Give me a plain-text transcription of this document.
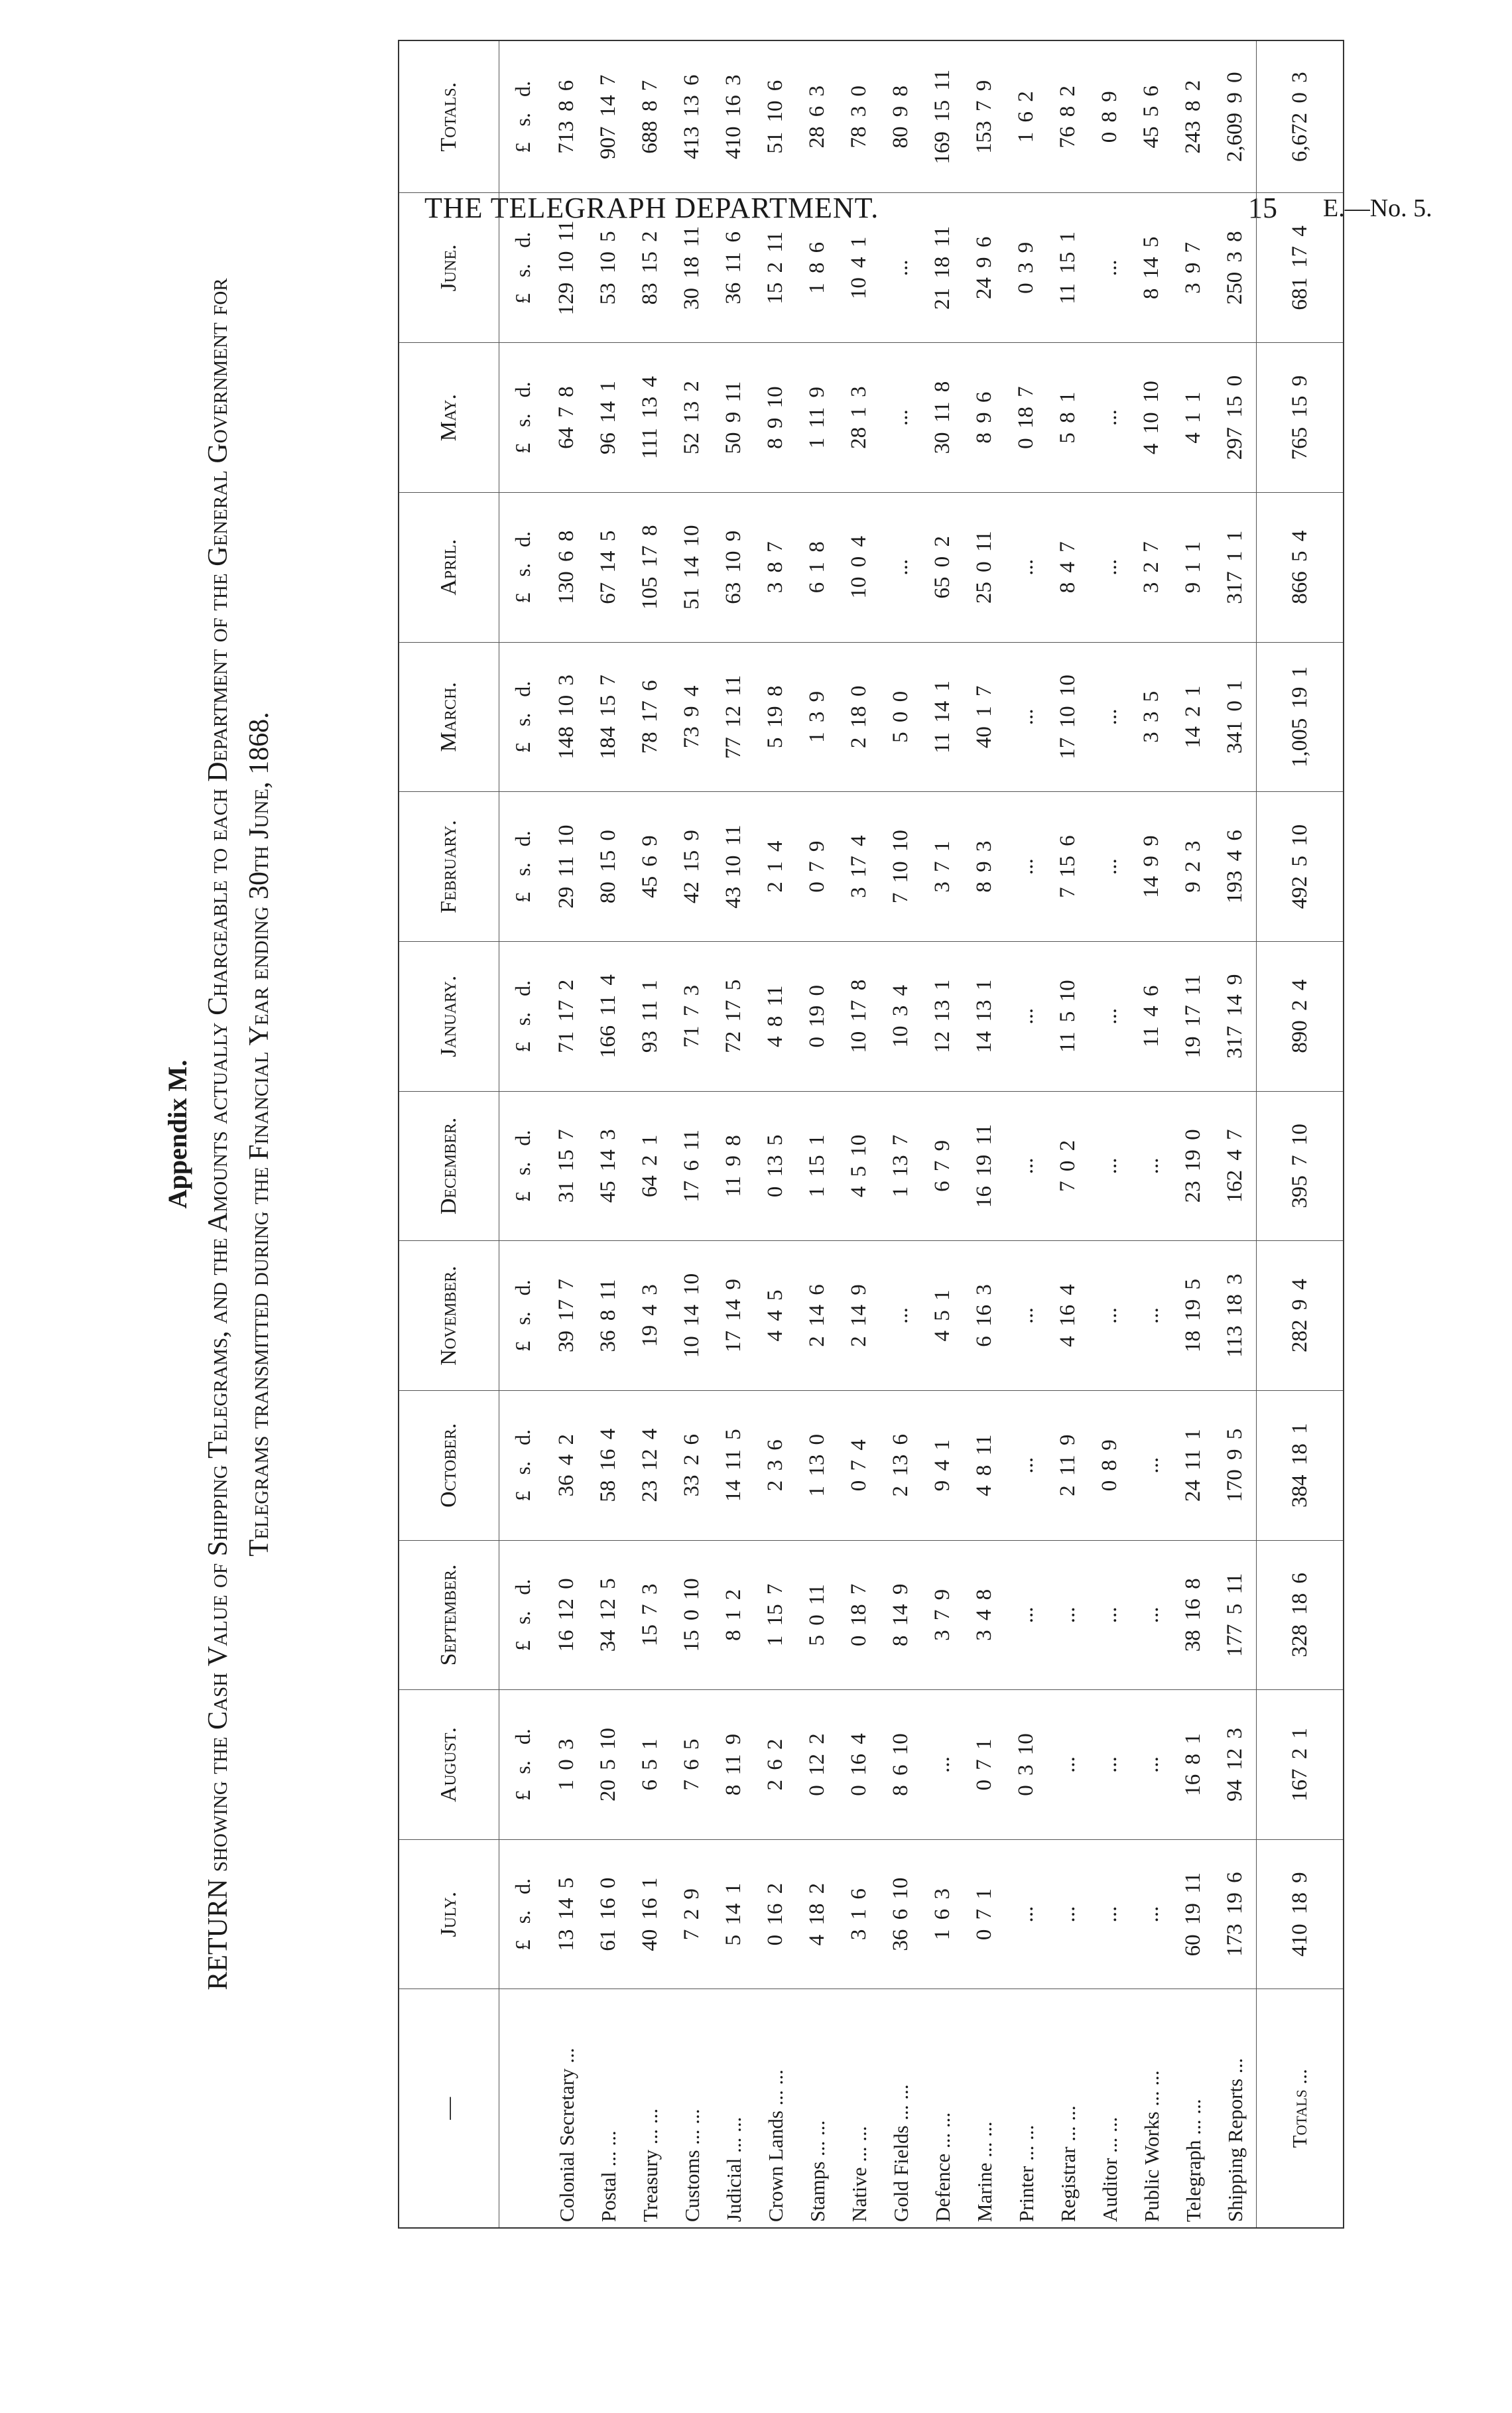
THE TELEGRAPH DEPARTMENT.	15 E.—No. 5.
Appendix M. RETURN showing the Cash Value of Shipping Telegrams, and the Amounts actually Chargeable to each Department of the General Government for Telegrams transmitted during the Financial Year ending 30th June, 1868.
—	July.	August.	September.	October.	November.	December.	January.	February.	March.	April.	May.	June.	Totals.
	£ s. d.	£ s. d.	£ s. d.	£ s. d.	£ s. d.	£ s. d.	£ s. d.	£ s. d.	£ s. d.	£ s. d.	£ s. d.	£ s. d.	£ s. d.
Colonial Secretary ...	13 14 5	1 0 3	16 12 0	36 4 2	39 17 7	31 15 7	71 17 2	29 11 10	148 10 3	130 6 8	64 7 8	129 10 11	713 8 6
Postal ... ...	61 16 0	20 5 10	34 12 5	58 16 4	36 8 11	45 14 3	166 11 4	80 15 0	184 15 7	67 14 5	96 14 1	53 10 5	907 14 7
Treasury ... ...	40 16 1	6 5 1	15 7 3	23 12 4	19 4 3	64 2 1	93 11 1	45 6 9	78 17 6	105 17 8	111 13 4	83 15 2	688 8 7
Customs ... ...	7 2 9	7 6 5	15 0 10	33 2 6	10 14 10	17 6 11	71 7 3	42 15 9	73 9 4	51 14 10	52 13 2	30 18 11	413 13 6
Judicial ... ...	5 14 1	8 11 9	8 1 2	14 11 5	17 14 9	11 9 8	72 17 5	43 10 11	77 12 11	63 10 9	50 9 11	36 11 6	410 16 3
Crown Lands ... ...	0 16 2	2 6 2	1 15 7	2 3 6	4 4 5	0 13 5	4 8 11	2 1 4	5 19 8	3 8 7	8 9 10	15 2 11	51 10 6
Stamps ... ...	4 18 2	0 12 2	5 0 11	1 13 0	2 14 6	1 15 1	0 19 0	0 7 9	1 3 9	6 1 8	1 11 9	1 8 6	28 6 3
Native ... ...	3 1 6	0 16 4	0 18 7	0 7 4	2 14 9	4 5 10	10 17 8	3 17 4	2 18 0	10 0 4	28 1 3	10 4 1	78 3 0
Gold Fields ... ...	36 6 10	8 6 10	8 14 9	2 13 6	...	1 13 7	10 3 4	7 10 10	5 0 0	...	...	...	80 9 8
Defence ... ...	1 6 3	...	3 7 9	9 4 1	4 5 1	6 7 9	12 13 1	3 7 1	11 14 1	65 0 2	30 11 8	21 18 11	169 15 11
Marine ... ...	0 7 1	0 7 1	3 4 8	4 8 11	6 16 3	16 19 11	14 13 1	8 9 3	40 1 7	25 0 11	8 9 6	24 9 6	153 7 9
Printer ... ...	...	0 3 10	...	...	...	...	...	...	...	...	0 18 7	0 3 9	1 6 2
Registrar ... ...	...	...	...	2 11 9	4 16 4	7 0 2	11 5 10	7 15 6	17 10 10	8 4 7	5 8 1	11 15 1	76 8 2
Auditor ... ...	...	...	...	0 8 9	...	...	...	...	...	...	...	...	0 8 9
Public Works ... ...	...	...	...	...	...	...	11 4 6	14 9 9	3 3 5	3 2 7	4 10 10	8 14 5	45 5 6
Telegraph ... ...	60 19 11	16 8 1	38 16 8	24 11 1	18 19 5	23 19 0	19 17 11	9 2 3	14 2 1	9 1 1	4 1 1	3 9 7	243 8 2
Shipping Reports ...	173 19 6	94 12 3	177 5 11	170 9 5	113 18 3	162 4 7	317 14 9	193 4 6	341 0 1	317 1 1	297 15 0	250 3 8	2,609 9 0
Totals ...	410 18 9	167 2 1	328 18 6	384 18 1	282 9 4	395 7 10	890 2 4	492 5 10	1,005 19 1	866 5 4	765 15 9	681 17 4	6,672 0 3
